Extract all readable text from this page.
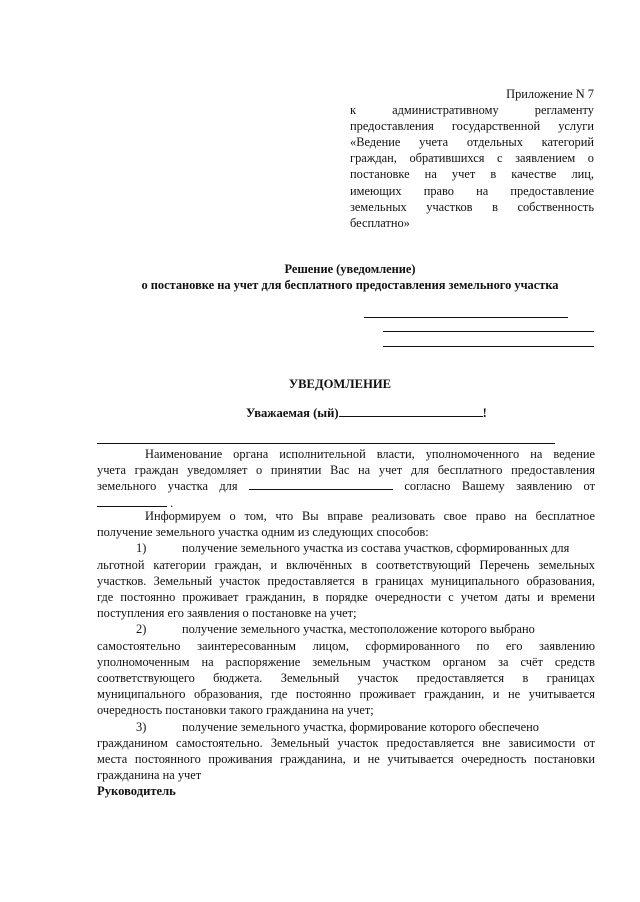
Приложение N 7
к административному регламенту
предоставления государственной услуги
«Ведение учета отдельных категорий
граждан, обратившихся с заявлением о
постановке на учет в качестве лиц,
имеющих право на предоставление
земельных участков в собственность
бесплатно»
Решение (уведомление)
о постановке на учет для бесплатного предоставления земельного участка
УВЕДОМЛЕНИЕ
Уважаемая (ый)	!
Наименование органа исполнительной власти, уполномоченного на ведение
учета граждан уведомляет о принятии Вас на учет для бесплатного предоставления
земельного участка для	согласно Вашему заявлению от
.
Информируем о том, что Вы вправе реализовать свое право на бесплатное
получение земельного участка одним из следующих способов:
1)	получение земельного участка из состава участков, сформированных для
льготной категории граждан, и включённых в соответствующий Перечень земельных
участков. Земельный участок предоставляется в границах муниципального образования,
где постоянно проживает гражданин, в порядке очередности с учетом даты и времени
поступления его заявления о постановке на учет;
2)	получение земельного участка, местоположение которого выбрано
самостоятельно заинтересованным лицом, сформированного по его заявлению
уполномоченным на распоряжение земельным участком органом за счёт средств
соответствующего бюджета. Земельный участок предоставляется в границах
муниципального образования, где постоянно проживает гражданин, и не учитывается
очередность постановки такого гражданина на учет;
3)	получение земельного участка, формирование которого обеспечено
гражданином самостоятельно. Земельный участок предоставляется вне зависимости от
места постоянного проживания гражданина, и не учитывается очередность постановки
гражданина на учет
Руководитель
